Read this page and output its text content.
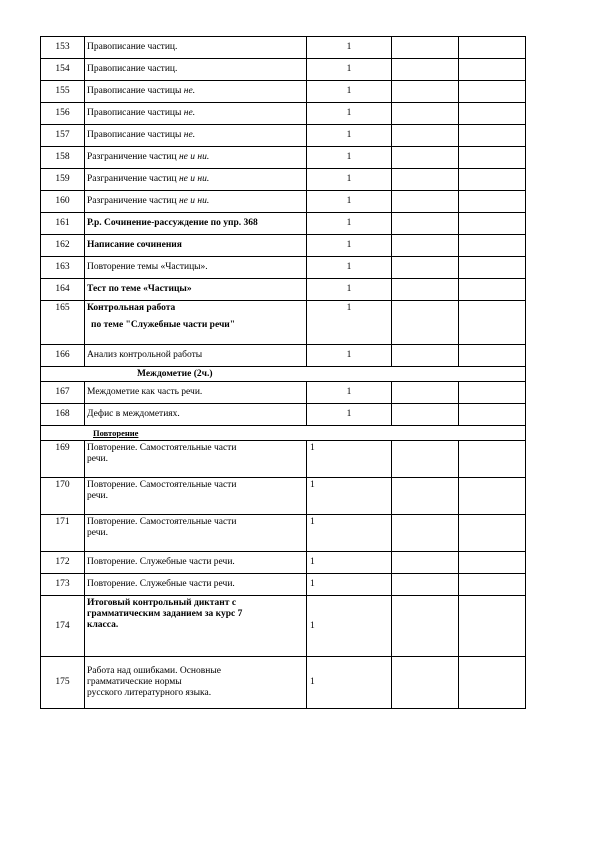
153	Правописание частиц.	1		
154	Правописание частиц.	1		
155	Правописание частицы не.	1		
156	Правописание частицы не.	1		
157	Правописание частицы не.	1		
158	Разграничение частиц не и ни.	1		
159	Разграничение частиц не и ни.	1		
160	Разграничение частиц не и ни.	1		
161	Р.р. Сочинение-рассуждение по упр. 368	1		
162	Написание сочинения	1		
163	Повторение темы «Частицы».	1		
164	Тест по теме «Частицы»	1		
165	Контрольная работа

по теме "Служебные части речи"	1		
166	Анализ контрольной работы	1		
Междометие (2ч.)				
167	Междометие как часть речи.	1		
168	Дефис в междометиях.	1		
Повторение				
169	Повторение. Самостоятельные части
речи.	1		
170	Повторение. Самостоятельные части
речи.	1		
171	Повторение. Самостоятельные части
речи.	1		
172	Повторение. Служебные части речи.	1		
173	Повторение. Служебные части речи.	1		
174	Итоговый контрольный диктант с
грамматическим заданием за курс 7
класса.	1		
175	Работа над ошибками. Основные
грамматические нормы
русского литературного языка.	1		
